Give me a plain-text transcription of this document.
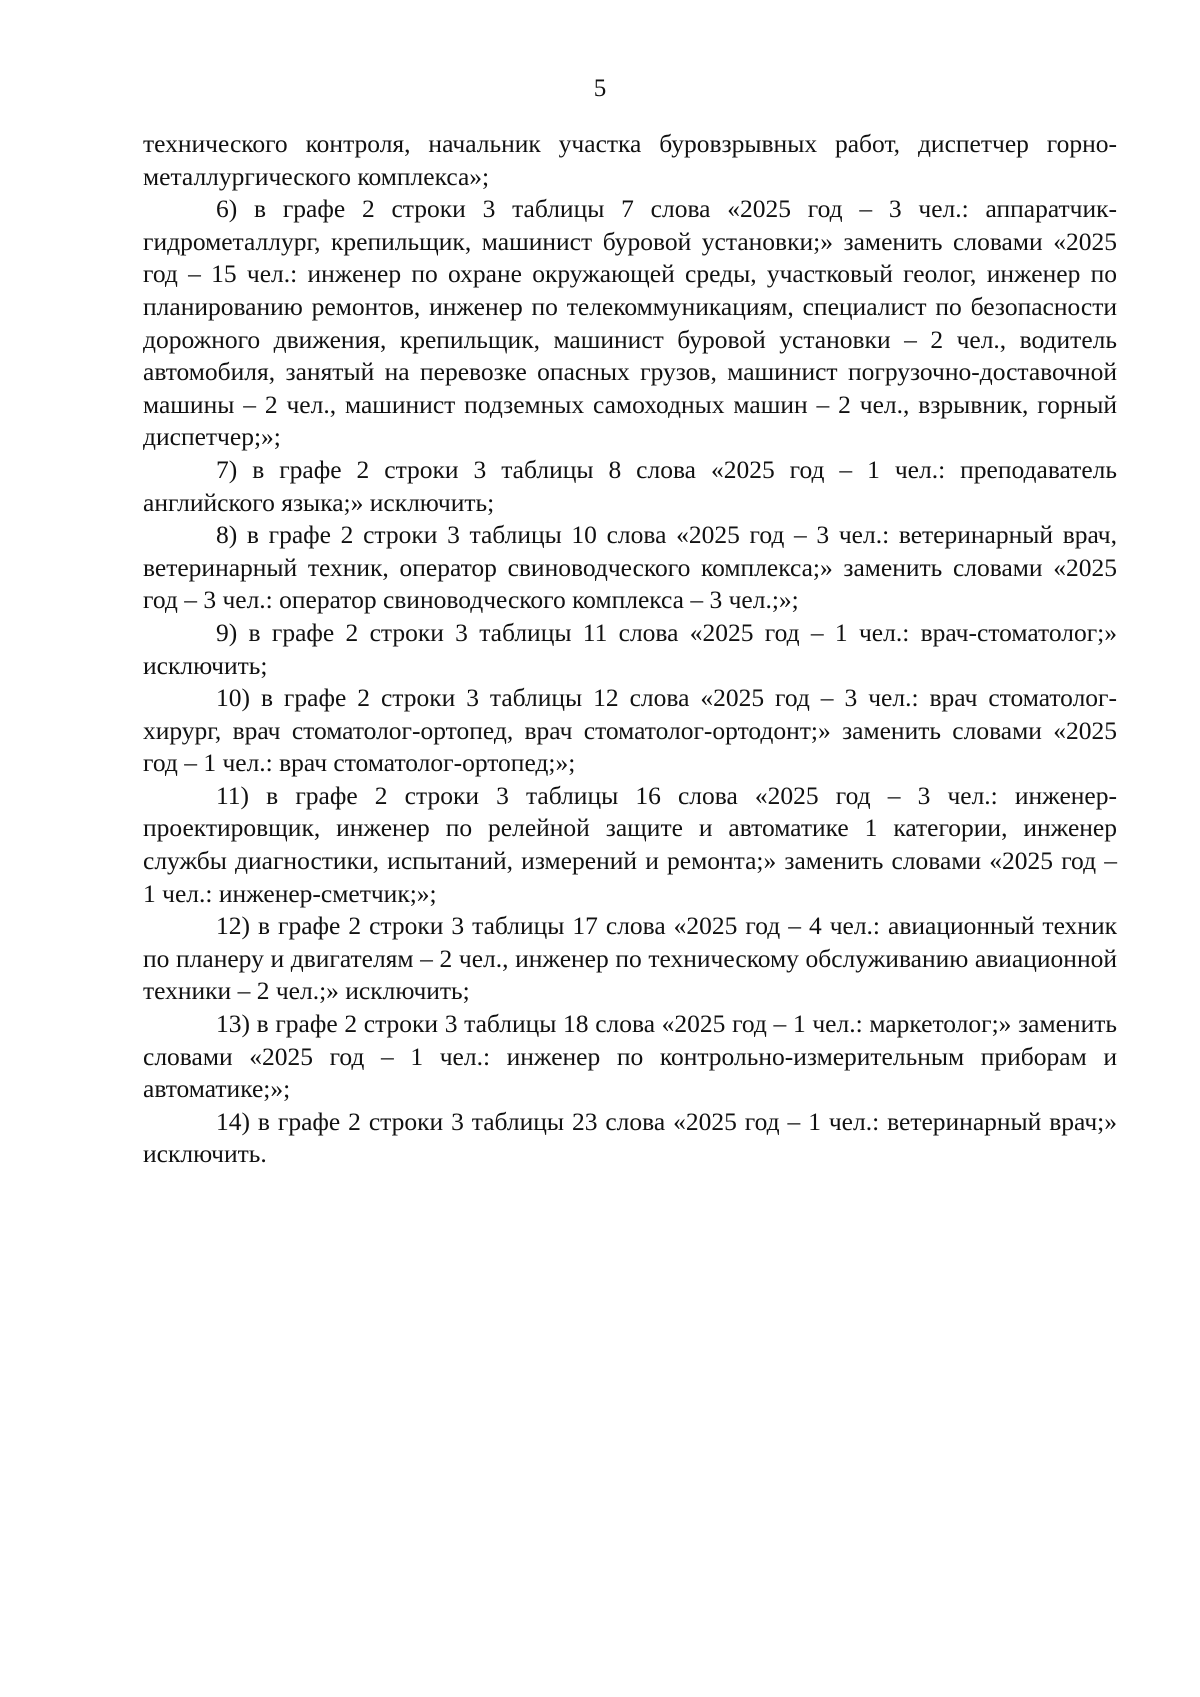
5

технического контроля, начальник участка буровзрывных работ, диспетчер горно-металлургического комплекса»;

6) в графе 2 строки 3 таблицы 7 слова «2025 год – 3 чел.: аппаратчик-гидрометаллург, крепильщик, машинист буровой установки;» заменить словами «2025 год – 15 чел.: инженер по охране окружающей среды, участковый геолог, инженер по планированию ремонтов, инженер по телекоммуникациям, специалист по безопасности дорожного движения, крепильщик, машинист буровой установки – 2 чел., водитель автомобиля, занятый на перевозке опасных грузов, машинист погрузочно-доставочной машины – 2 чел., машинист подземных самоходных машин – 2 чел., взрывник, горный диспетчер;»;

7) в графе 2 строки 3 таблицы 8 слова «2025 год – 1 чел.: преподаватель английского языка;» исключить;

8) в графе 2 строки 3 таблицы 10 слова «2025 год – 3 чел.: ветеринарный врач, ветеринарный техник, оператор свиноводческого комплекса;» заменить словами «2025 год – 3 чел.: оператор свиноводческого комплекса – 3 чел.;»;

9) в графе 2 строки 3 таблицы 11 слова «2025 год – 1 чел.: врач-стоматолог;» исключить;

10) в графе 2 строки 3 таблицы 12 слова «2025 год – 3 чел.: врач стоматолог-хирург, врач стоматолог-ортопед, врач стоматолог-ортодонт;» заменить словами «2025 год – 1 чел.: врач стоматолог-ортопед;»;

11) в графе 2 строки 3 таблицы 16 слова «2025 год – 3 чел.: инженер-проектировщик, инженер по релейной защите и автоматике 1 категории, инженер службы диагностики, испытаний, измерений и ремонта;» заменить словами «2025 год – 1 чел.: инженер-сметчик;»;

12) в графе 2 строки 3 таблицы 17 слова «2025 год – 4 чел.: авиационный техник по планеру и двигателям – 2 чел., инженер по техническому обслуживанию авиационной техники – 2 чел.;» исключить;

13) в графе 2 строки 3 таблицы 18 слова «2025 год – 1 чел.: маркетолог;» заменить словами «2025 год – 1 чел.: инженер по контрольно-измерительным приборам и автоматике;»;

14) в графе 2 строки 3 таблицы 23 слова «2025 год – 1 чел.: ветеринарный врач;» исключить.
